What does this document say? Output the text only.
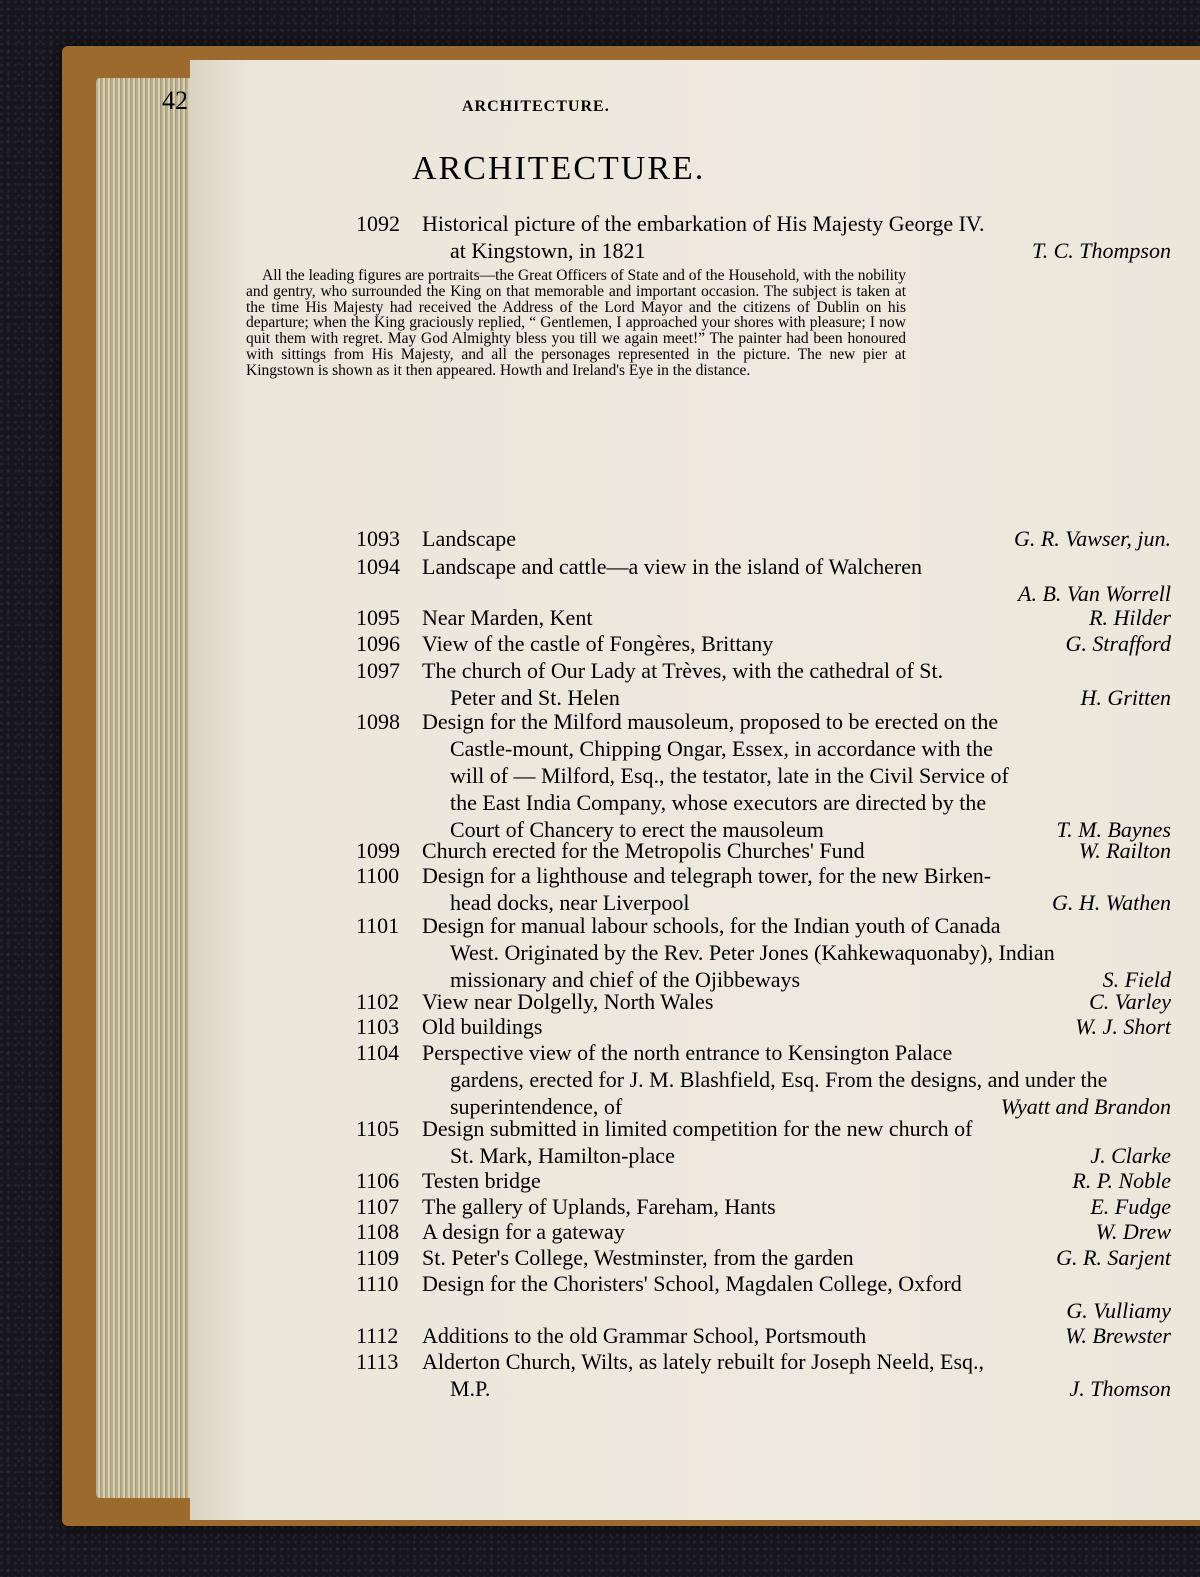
42	ARCHITECTURE.
ARCHITECTURE.
1092	Historical picture of the embarkation of His Majesty George IV.
at Kingstown, in 1821	T. C. Thompson

All the leading figures are portraits—the Great Officers of State and of the Household, with the nobility and gentry, who surrounded the King on that memorable and important occasion. The subject is taken at the time His Majesty had received the Address of the Lord Mayor and the citizens of Dublin on his departure; when the King graciously replied, “ Gentlemen, I approached your shores with pleasure; I now quit them with regret. May God Almighty bless you till we again meet!” The painter had been honoured with sittings from His Majesty, and all the personages represented in the picture. The new pier at Kingstown is shown as it then appeared. Howth and Ireland's Eye in the distance.

1093	Landscape	G. R. Vawser, jun.
1094	Landscape and cattle—a view in the island of Walcheren
A. B. Van Worrell
1095	Near Marden, Kent	R. Hilder
1096	View of the castle of Fongères, Brittany	G. Strafford
1097	The church of Our Lady at Trèves, with the cathedral of St.
Peter and St. Helen	H. Gritten
1098	Design for the Milford mausoleum, proposed to be erected on the
Castle-mount, Chipping Ongar, Essex, in accordance with the will of — Milford, Esq., the testator, late in the Civil Service of the East India Company, whose executors are directed by the Court of Chancery to erect the mausoleum	T. M. Baynes
1099	Church erected for the Metropolis Churches' Fund	W. Railton
1100	Design for a lighthouse and telegraph tower, for the new Birken-
head docks, near Liverpool	G. H. Wathen
1101	Design for manual labour schools, for the Indian youth of Canada
West. Originated by the Rev. Peter Jones (Kahkewaquonaby), Indian missionary and chief of the Ojibbeways	S. Field
1102	View near Dolgelly, North Wales	C. Varley
1103	Old buildings	W. J. Short
1104	Perspective view of the north entrance to Kensington Palace
gardens, erected for J. M. Blashfield, Esq. From the designs, and under the superintendence, of	Wyatt and Brandon
1105	Design submitted in limited competition for the new church of
St. Mark, Hamilton-place	J. Clarke
1106	Testen bridge	R. P. Noble
1107	The gallery of Uplands, Fareham, Hants	E. Fudge
1108	A design for a gateway	W. Drew
1109	St. Peter's College, Westminster, from the garden	G. R. Sarjent
1110	Design for the Choristers' School, Magdalen College, Oxford
G. Vulliamy
1112	Additions to the old Grammar School, Portsmouth	W. Brewster
1113	Alderton Church, Wilts, as lately rebuilt for Joseph Neeld, Esq.,
M.P.	J. Thomson
